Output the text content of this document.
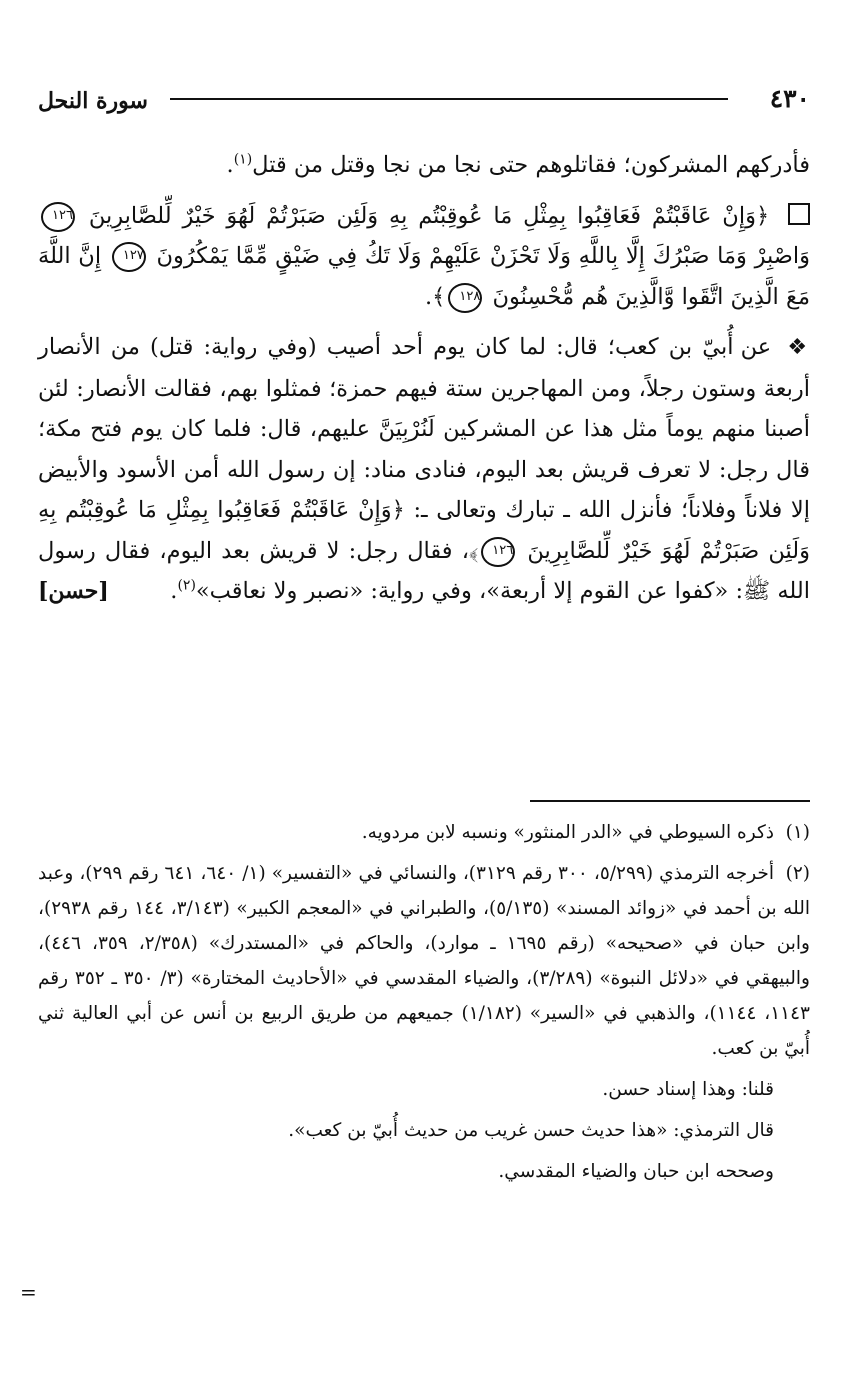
٤٣٠
سورة النحل

فأدركهم المشركون؛ فقاتلوهم حتى نجا من نجا وقتل من قتل$^{(١)}$.

﴿وَإِنْ عَاقَبْتُمْ فَعَاقِبُوا بِمِثْلِ مَا عُوقِبْتُم بِهِ وَلَئِن صَبَرْتُمْ لَهُوَ خَيْرٌ لِّلصَّابِرِينَ ١٢٦ وَاصْبِرْ وَمَا صَبْرُكَ إِلَّا بِاللَّهِ وَلَا تَحْزَنْ عَلَيْهِمْ وَلَا تَكُ فِي ضَيْقٍ مِّمَّا يَمْكُرُونَ ١٢٧ إِنَّ اللَّهَ مَعَ الَّذِينَ اتَّقَوا وَّالَّذِينَ هُم مُّحْسِنُونَ ١٢٨﴾.

❖ عن أُبيّ بن كعب؛ قال: لما كان يوم أحد أصيب (وفي رواية: قتل) من الأنصار أربعة وستون رجلاً، ومن المهاجرين ستة فيهم حمزة؛ فمثلوا بهم، فقالت الأنصار: لئن أصبنا منهم يوماً مثل هذا عن المشركين لَنُرْبِيَنَّ عليهم، قال: فلما كان يوم فتح مكة؛ قال رجل: لا تعرف قريش بعد اليوم، فنادى مناد: إن رسول الله أمن الأسود والأبيض إلا فلاناً وفلاناً؛ فأنزل الله ـ تبارك وتعالى ـ: ﴿وَإِنْ عَاقَبْتُمْ فَعَاقِبُوا بِمِثْلِ مَا عُوقِبْتُم بِهِ وَلَئِن صَبَرْتُمْ لَهُوَ خَيْرٌ لِّلصَّابِرِينَ ١٢٦﴾، فقال رجل: لا قريش بعد اليوم، فقال رسول الله ﷺ: «كفوا عن القوم إلا أربعة»، وفي رواية: «نصبر ولا نعاقب»$^{(٢)}$.
[حسن]

(١)ذكره السيوطي في «الدر المنثور» ونسبه لابن مردويه.

(٢)أخرجه الترمذي (٥/٢٩٩، ٣٠٠ رقم ٣١٢٩)، والنسائي في «التفسير» (١/ ٦٤٠، ٦٤١ رقم ٢٩٩)، وعبد الله بن أحمد في «زوائد المسند» (٥/١٣٥)، والطبراني في «المعجم الكبير» (٣/١٤٣، ١٤٤ رقم ٢٩٣٨)، وابن حبان في «صحيحه» (رقم ١٦٩٥ ـ موارد)، والحاكم في «المستدرك» (٢/٣٥٨، ٣٥٩، ٤٤٦)، والبيهقي في «دلائل النبوة» (٣/٢٨٩)، والضياء المقدسي في «الأحاديث المختارة» (٣/ ٣٥٠ ـ ٣٥٢ رقم ١١٤٣، ١١٤٤)، والذهبي في «السير» (١/١٨٢) جميعهم من طريق الربيع بن أنس عن أبي العالية ثني أُبيّ بن كعب.

قلنا: وهذا إسناد حسن.

قال الترمذي: «هذا حديث حسن غريب من حديث أُبيّ بن كعب».

وصححه ابن حبان والضياء المقدسي.

=
